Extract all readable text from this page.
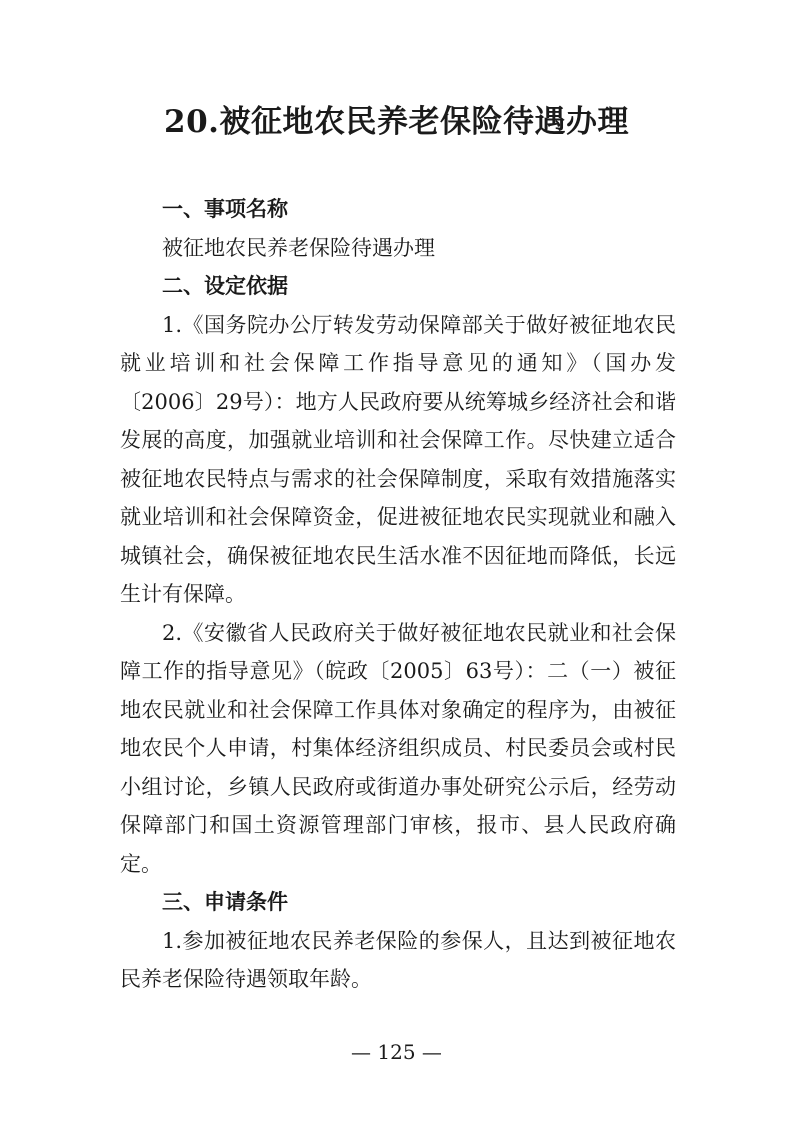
20.被征地农民养老保险待遇办理

一、事项名称

被征地农民养老保险待遇办理

二、设定依据

1.《国务院办公厅转发劳动保障部关于做好被征地农民就业培训和社会保障工作指导意见的通知》（国办发〔2006〕29号）：地方人民政府要从统筹城乡经济社会和谐发展的高度，加强就业培训和社会保障工作。尽快建立适合被征地农民特点与需求的社会保障制度，采取有效措施落实就业培训和社会保障资金，促进被征地农民实现就业和融入城镇社会，确保被征地农民生活水准不因征地而降低，长远生计有保障。

2.《安徽省人民政府关于做好被征地农民就业和社会保障工作的指导意见》（皖政〔2005〕63号）：二（一）被征地农民就业和社会保障工作具体对象确定的程序为，由被征地农民个人申请，村集体经济组织成员、村民委员会或村民小组讨论，乡镇人民政府或街道办事处研究公示后，经劳动保障部门和国土资源管理部门审核，报市、县人民政府确定。

三、申请条件

1.参加被征地农民养老保险的参保人，且达到被征地农民养老保险待遇领取年龄。

— 125 —
